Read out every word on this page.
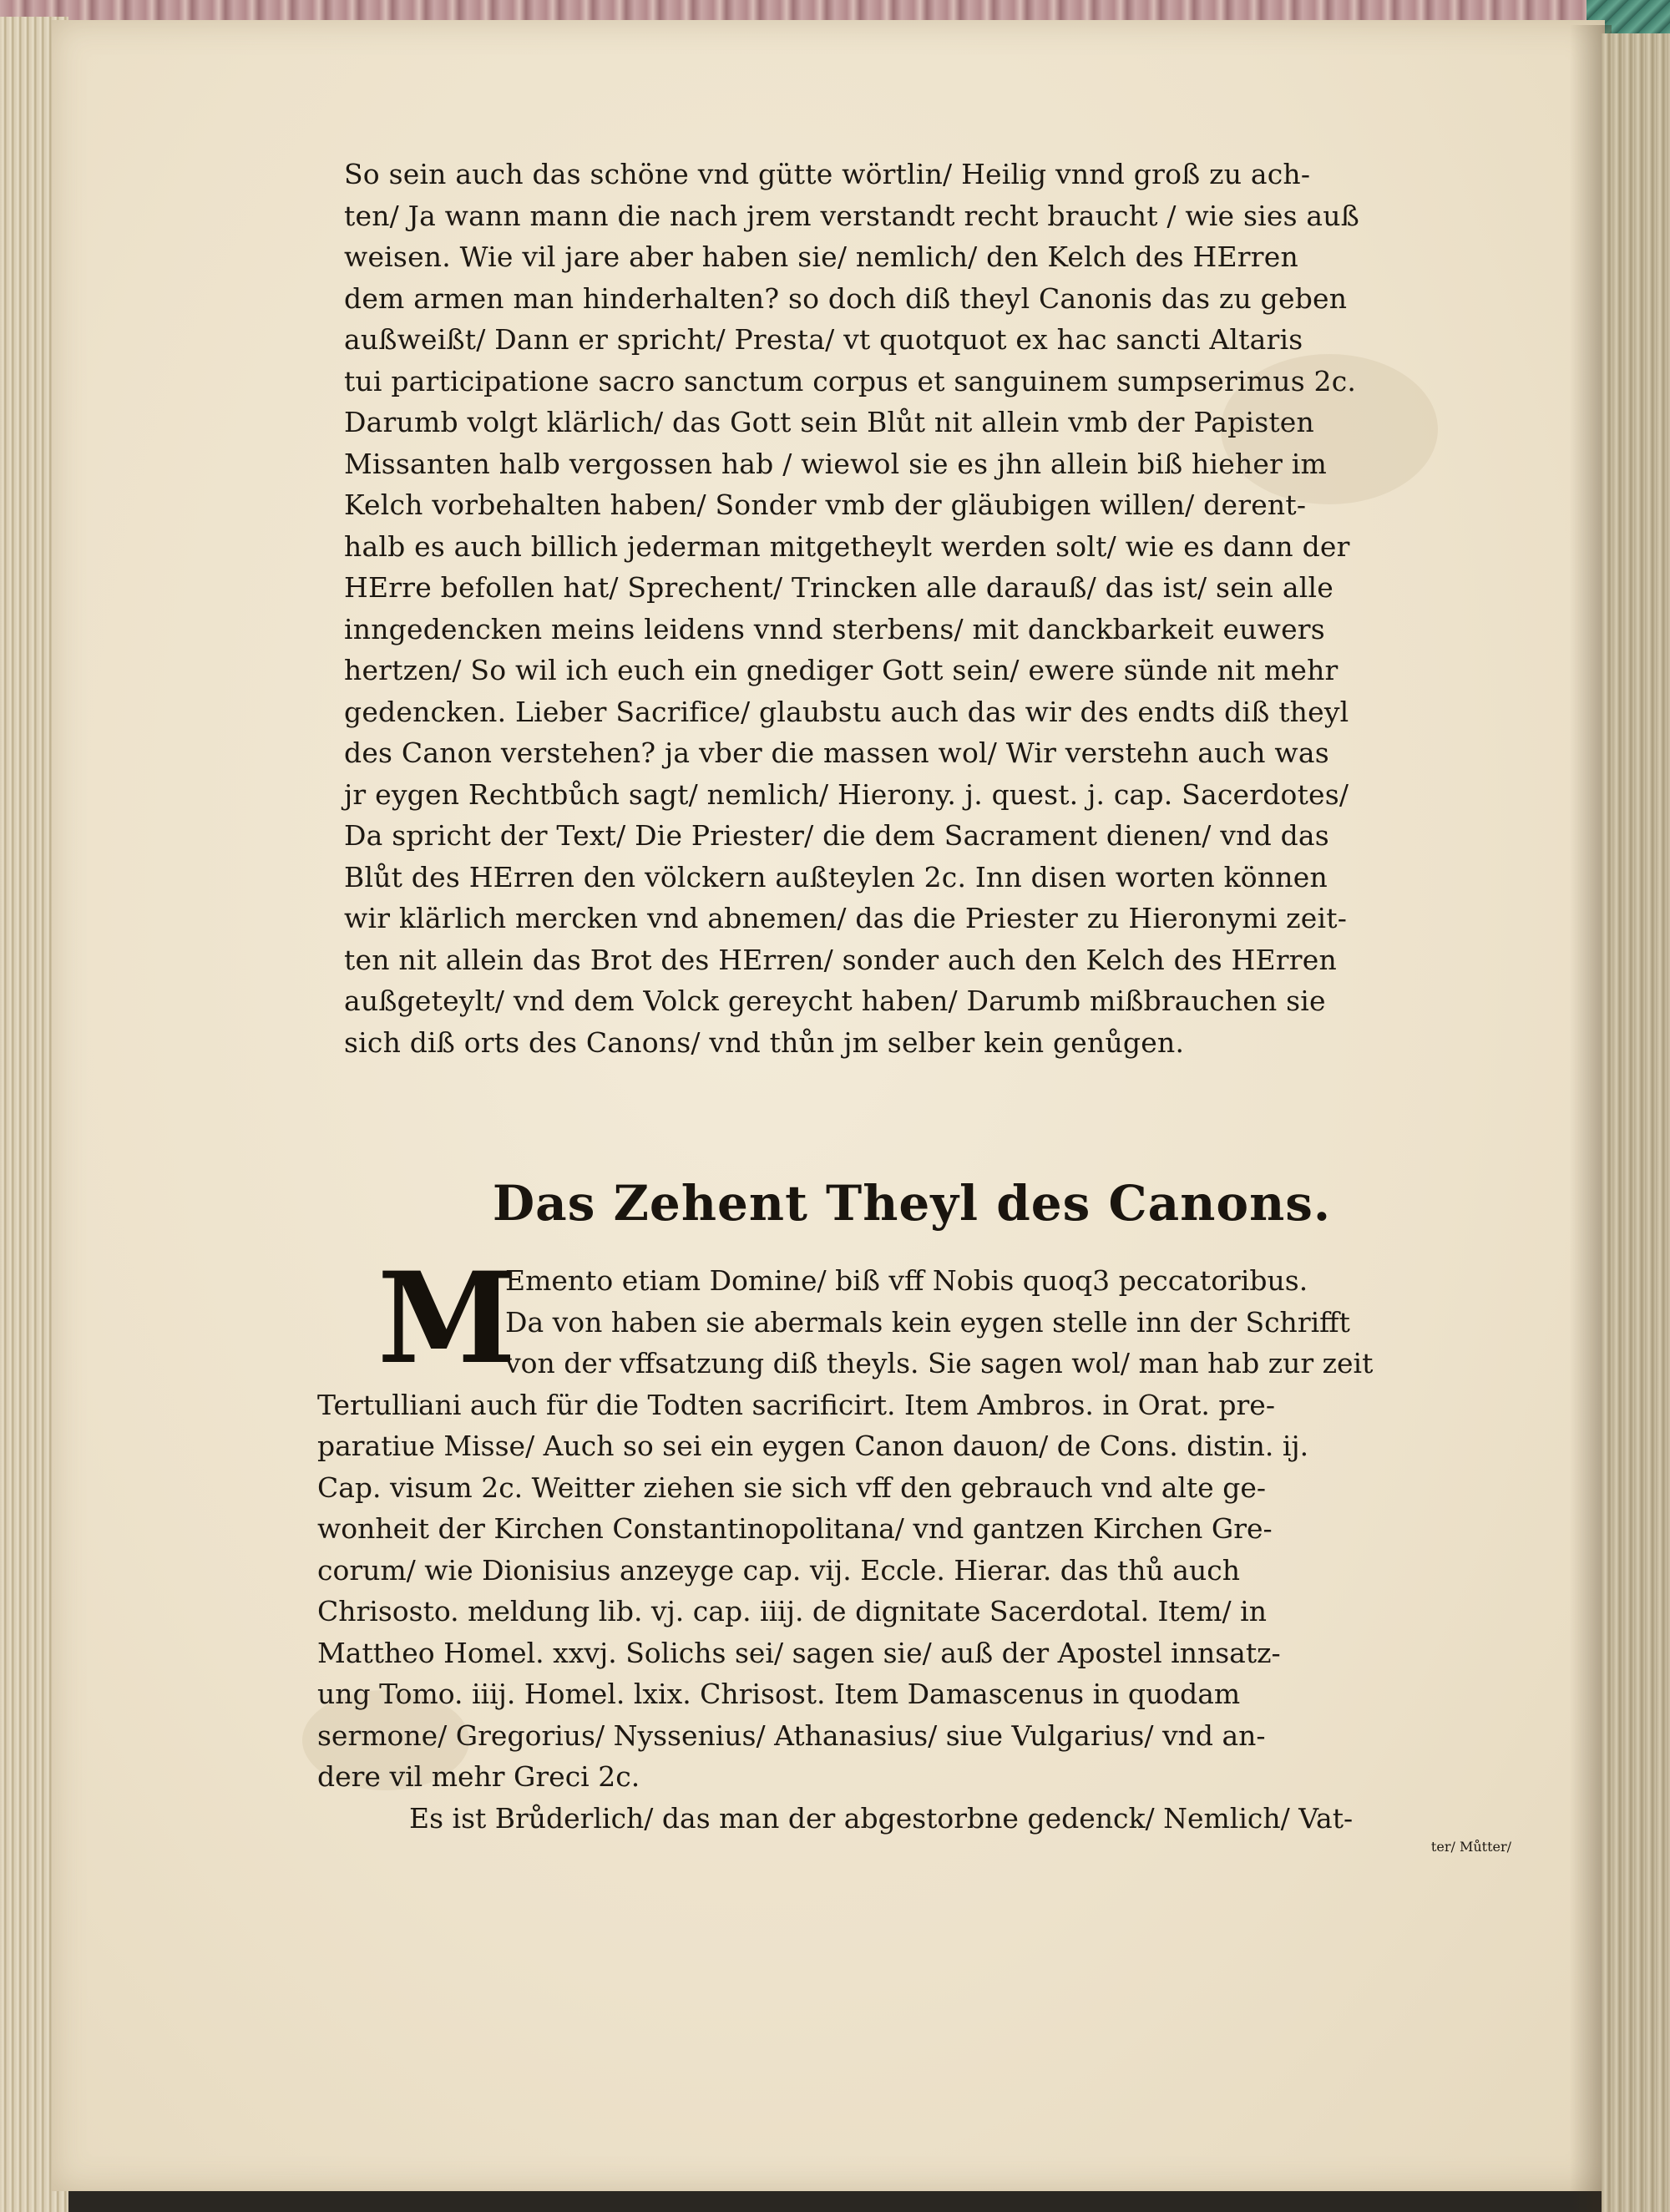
So sein auch das schöne vnd gütte wörtlin/ Heilig vnnd groß zu ach-
ten/ Ja wann mann die nach jrem verstandt recht braucht / wie sies auß
weisen. Wie vil jare aber haben sie/ nemlich/ den Kelch des HErren
dem armen man hinderhalten? so doch diß theyl Canonis das zu geben
außweißt/ Dann er spricht/ Presta/ vt quotquot ex hac sancti Altaris
tui participatione sacro sanctum corpus et sanguinem sumpserimus 2c.
Darumb volgt klärlich/ das Gott sein Blůt nit allein vmb der Papisten
Missanten halb vergossen hab / wiewol sie es jhn allein biß hieher im
Kelch vorbehalten haben/ Sonder vmb der gläubigen willen/ derent-
halb es auch billich jederman mitgetheylt werden solt/ wie es dann der
HErre befollen hat/ Sprechent/ Trincken alle darauß/ das ist/ sein alle
inngedencken meins leidens vnnd sterbens/ mit danckbarkeit euwers
hertzen/ So wil ich euch ein gnediger Gott sein/ ewere sünde nit mehr
gedencken. Lieber Sacrifice/ glaubstu auch das wir des endts diß theyl
des Canon verstehen? ja vber die massen wol/ Wir verstehn auch was
jr eygen Rechtbůch sagt/ nemlich/ Hierony. j. quest. j. cap. Sacerdotes/
Da spricht der Text/ Die Priester/ die dem Sacrament dienen/ vnd das
Blůt des HErren den völckern außteylen 2c. Inn disen worten können
wir klärlich mercken vnd abnemen/ das die Priester zu Hieronymi zeit-
ten nit allein das Brot des HErren/ sonder auch den Kelch des HErren
außgeteylt/ vnd dem Volck gereycht haben/ Darumb mißbrauchen sie
sich diß orts des Canons/ vnd thůn jm selber kein genůgen.
Das Zehent Theyl des Canons.
M
Emento etiam Domine/ biß vff Nobis quoq3 peccatoribus.
Da von haben sie abermals kein eygen stelle inn der Schrifft
von der vffsatzung diß theyls. Sie sagen wol/ man hab zur zeit
Tertulliani auch für die Todten sacrificirt. Item Ambros. in Orat. pre-
paratiue Misse/ Auch so sei ein eygen Canon dauon/ de Cons. distin. ij.
Cap. visum 2c. Weitter ziehen sie sich vff den gebrauch vnd alte ge-
wonheit der Kirchen Constantinopolitana/ vnd gantzen Kirchen Gre-
corum/ wie Dionisius anzeyge cap. vij. Eccle. Hierar. das thů auch
Chrisosto. meldung lib. vj. cap. iiij. de dignitate Sacerdotal. Item/ in
Mattheo Homel. xxvj. Solichs sei/ sagen sie/ auß der Apostel innsatz-
ung Tomo. iiij. Homel. lxix. Chrisost. Item Damascenus in quodam
sermone/ Gregorius/ Nyssenius/ Athanasius/ siue Vulgarius/ vnd an-
dere vil mehr Greci 2c.
Es ist Brůderlich/ das man der abgestorbne gedenck/ Nemlich/ Vat-
ter/ Můtter/
